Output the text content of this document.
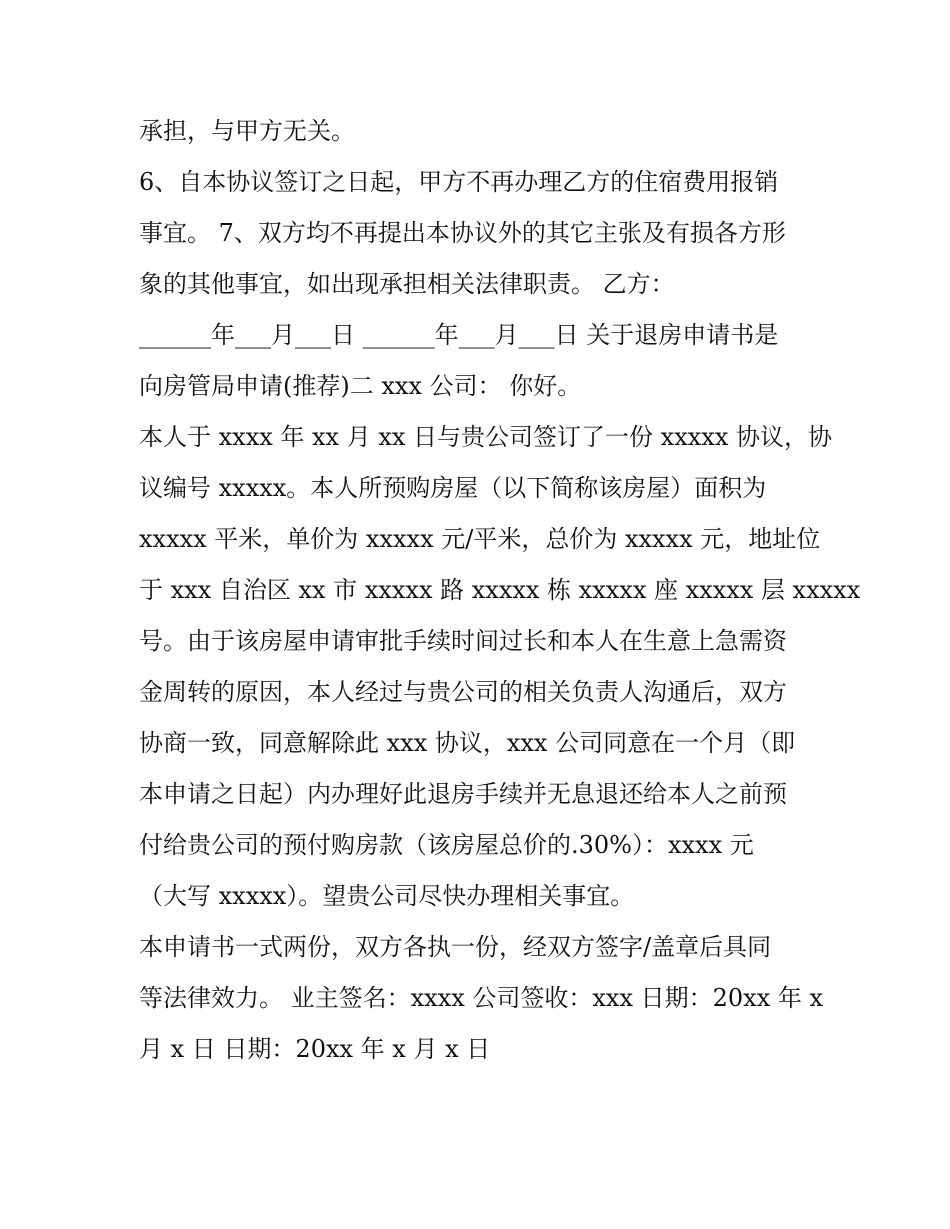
承担，与甲方无关。
6、自本协议签订之日起，甲方不再办理乙方的住宿费用报销
事宜。 7、双方均不再提出本协议外的其它主张及有损各方形
象的其他事宜，如出现承担相关法律职责。 乙方：
______年___月___日 ______年___月___日 关于退房申请书是
向房管局申请(推荐)二 xxx 公司： 你好。
本人于 xxxx 年 xx 月 xx 日与贵公司签订了一份 xxxxx 协议，协
议编号 xxxxx。本人所预购房屋（以下简称该房屋）面积为
xxxxx 平米，单价为 xxxxx 元/平米，总价为 xxxxx 元，地址位
于 xxx 自治区 xx 市 xxxxx 路 xxxxx 栋 xxxxx 座 xxxxx 层 xxxxx
号。由于该房屋申请审批手续时间过长和本人在生意上急需资
金周转的原因，本人经过与贵公司的相关负责人沟通后，双方
协商一致，同意解除此 xxx 协议，xxx 公司同意在一个月（即
本申请之日起）内办理好此退房手续并无息退还给本人之前预
付给贵公司的预付购房款（该房屋总价的.30%）：xxxx 元
（大写 xxxxx）。望贵公司尽快办理相关事宜。
本申请书一式两份，双方各执一份，经双方签字/盖章后具同
等法律效力。 业主签名：xxxx 公司签收：xxx 日期：20xx 年 x
月 x 日 日期：20xx 年 x 月 x 日
